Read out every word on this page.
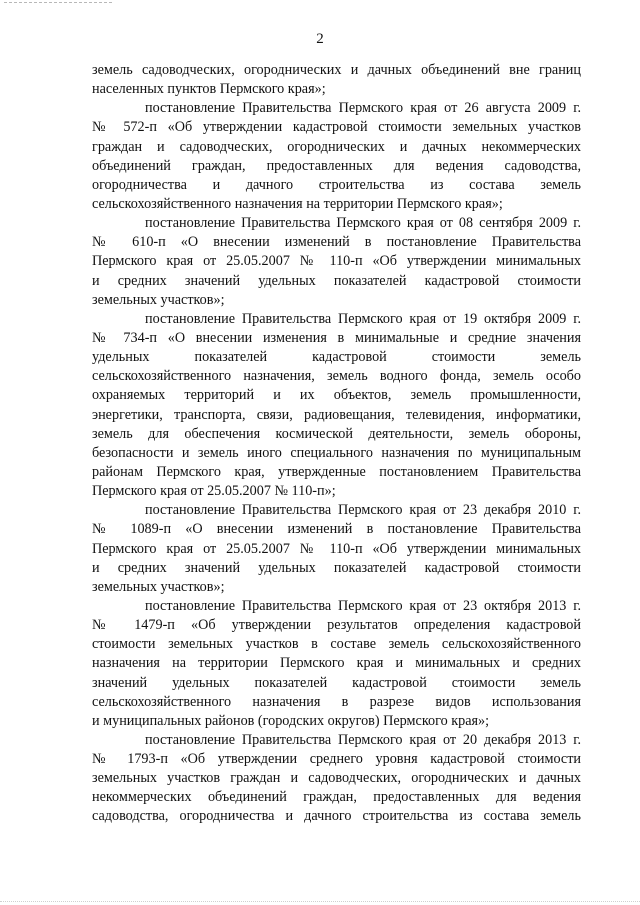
2
земель садоводческих, огороднических и дачных объединений вне границ
населенных пунктов Пермского края»;
постановление Правительства Пермского края от 26 августа 2009 г.
№ 572-п «Об утверждении кадастровой стоимости земельных участков
граждан и садоводческих, огороднических и дачных некоммерческих
объединений граждан, предоставленных для ведения садоводства,
огородничества и дачного строительства из состава земель
сельскохозяйственного назначения на территории Пермского края»;
постановление Правительства Пермского края от 08 сентября 2009 г.
№ 610-п «О внесении изменений в постановление Правительства
Пермского края от 25.05.2007 № 110-п «Об утверждении минимальных
и средних значений удельных показателей кадастровой стоимости
земельных участков»;
постановление Правительства Пермского края от 19 октября 2009 г.
№ 734-п «О внесении изменения в минимальные и средние значения
удельных показателей кадастровой стоимости земель
сельскохозяйственного назначения, земель водного фонда, земель особо
охраняемых территорий и их объектов, земель промышленности,
энергетики, транспорта, связи, радиовещания, телевидения, информатики,
земель для обеспечения космической деятельности, земель обороны,
безопасности и земель иного специального назначения по муниципальным
районам Пермского края, утвержденные постановлением Правительства
Пермского края от 25.05.2007 № 110-п»;
постановление Правительства Пермского края от 23 декабря 2010 г.
№ 1089-п «О внесении изменений в постановление Правительства
Пермского края от 25.05.2007 № 110-п «Об утверждении минимальных
и средних значений удельных показателей кадастровой стоимости
земельных участков»;
постановление Правительства Пермского края от 23 октября 2013 г.
№ 1479-п «Об утверждении результатов определения кадастровой
стоимости земельных участков в составе земель сельскохозяйственного
назначения на территории Пермского края и минимальных и средних
значений удельных показателей кадастровой стоимости земель
сельскохозяйственного назначения в разрезе видов использования
и муниципальных районов (городских округов) Пермского края»;
постановление Правительства Пермского края от 20 декабря 2013 г.
№ 1793-п «Об утверждении среднего уровня кадастровой стоимости
земельных участков граждан и садоводческих, огороднических и дачных
некоммерческих объединений граждан, предоставленных для ведения
садоводства, огородничества и дачного строительства из состава земель
